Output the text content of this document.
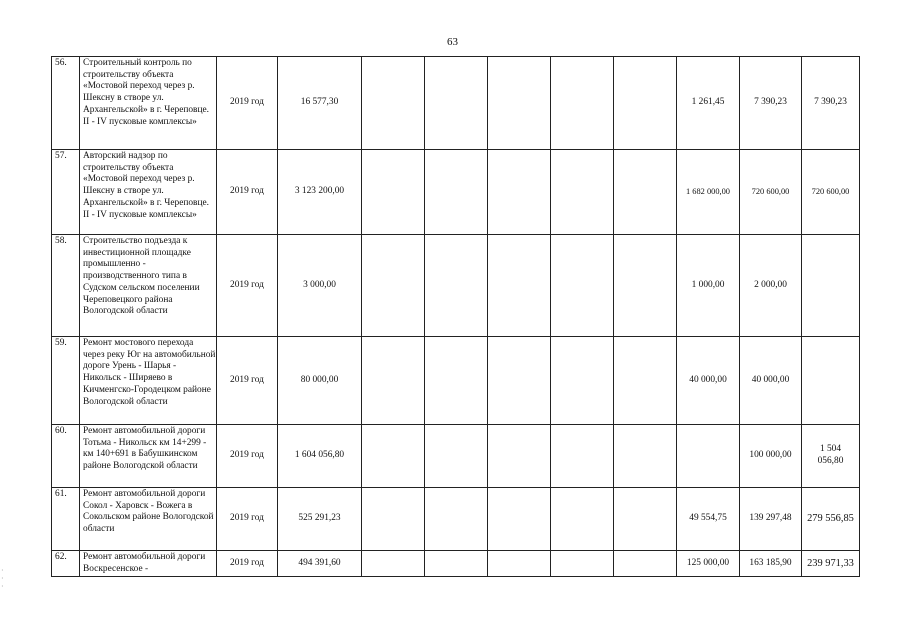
63
56.	Строительный контроль по строительству объекта «Мостовой переход через р. Шексну в створе ул. Архангельской» в г. Череповце. II - IV пусковые комплексы»	2019 год	16 577,30						1 261,45	7 390,23	7 390,23
57.	Авторский надзор по строительству объекта «Мостовой переход через р. Шексну в створе ул. Архангельской» в г. Череповце. II - IV пусковые комплексы»	2019 год	3 123 200,00						1 682 000,00	720 600,00	720 600,00
58.	Строительство подъезда к инвестиционной площадке промышленно - производственного типа в Судском сельском поселении Череповецкого района Вологодской области	2019 год	3 000,00						1 000,00	2 000,00	
59.	Ремонт мостового перехода через реку Юг на автомобильной дороге Урень - Шарья - Никольск - Ширяево в Кичменгско-Городецком районе Вологодской области	2019 год	80 000,00						40 000,00	40 000,00	
60.	Ремонт автомобильной дороги Тотьма - Никольск км 14+299 - км 140+691 в Бабушкинском районе Вологодской области	2019 год	1 604 056,80							100 000,00	1 504 056,80
61.	Ремонт автомобильной дороги Сокол - Харовск - Вожега в Сокольском районе Вологодской области	2019 год	525 291,23						49 554,75	139 297,48	279 556,85
62.	Ремонт автомобильной дороги Воскресенское -	2019 год	494 391,60						125 000,00	163 185,90	239 971,33
·
·
·
